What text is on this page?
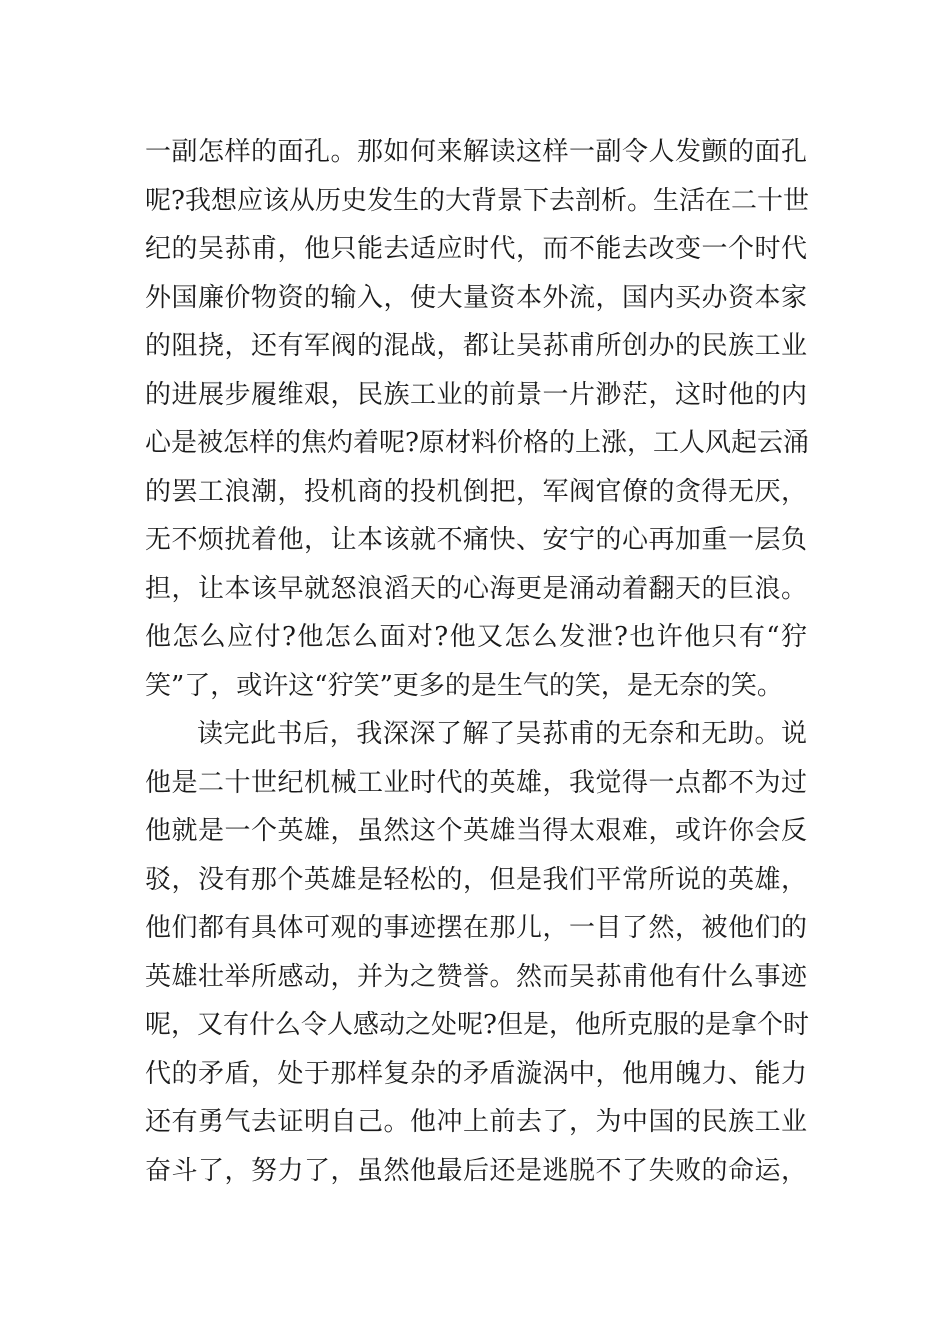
一副怎样的面孔。那如何来解读这样一副令人发颤的面孔
呢?我想应该从历史发生的大背景下去剖析。生活在二十世
纪的吴荪甫，他只能去适应时代，而不能去改变一个时代
外国廉价物资的输入，使大量资本外流，国内买办资本家
的阻挠，还有军阀的混战，都让吴荪甫所创办的民族工业
的进展步履维艰，民族工业的前景一片渺茫，这时他的内
心是被怎样的焦灼着呢?原材料价格的上涨，工人风起云涌
的罢工浪潮，投机商的投机倒把，军阀官僚的贪得无厌，
无不烦扰着他，让本该就不痛快、安宁的心再加重一层负
担，让本该早就怒浪滔天的心海更是涌动着翻天的巨浪。
他怎么应付?他怎么面对?他又怎么发泄?也许他只有“狞
笑”了，或许这“狞笑”更多的是生气的笑，是无奈的笑。
读完此书后，我深深了解了吴荪甫的无奈和无助。说
他是二十世纪机械工业时代的英雄，我觉得一点都不为过
他就是一个英雄，虽然这个英雄当得太艰难，或许你会反
驳，没有那个英雄是轻松的，但是我们平常所说的英雄，
他们都有具体可观的事迹摆在那儿，一目了然，被他们的
英雄壮举所感动，并为之赞誉。然而吴荪甫他有什么事迹
呢，又有什么令人感动之处呢?但是，他所克服的是拿个时
代的矛盾，处于那样复杂的矛盾漩涡中，他用魄力、能力
还有勇气去证明自己。他冲上前去了，为中国的民族工业
奋斗了，努力了，虽然他最后还是逃脱不了失败的命运，
